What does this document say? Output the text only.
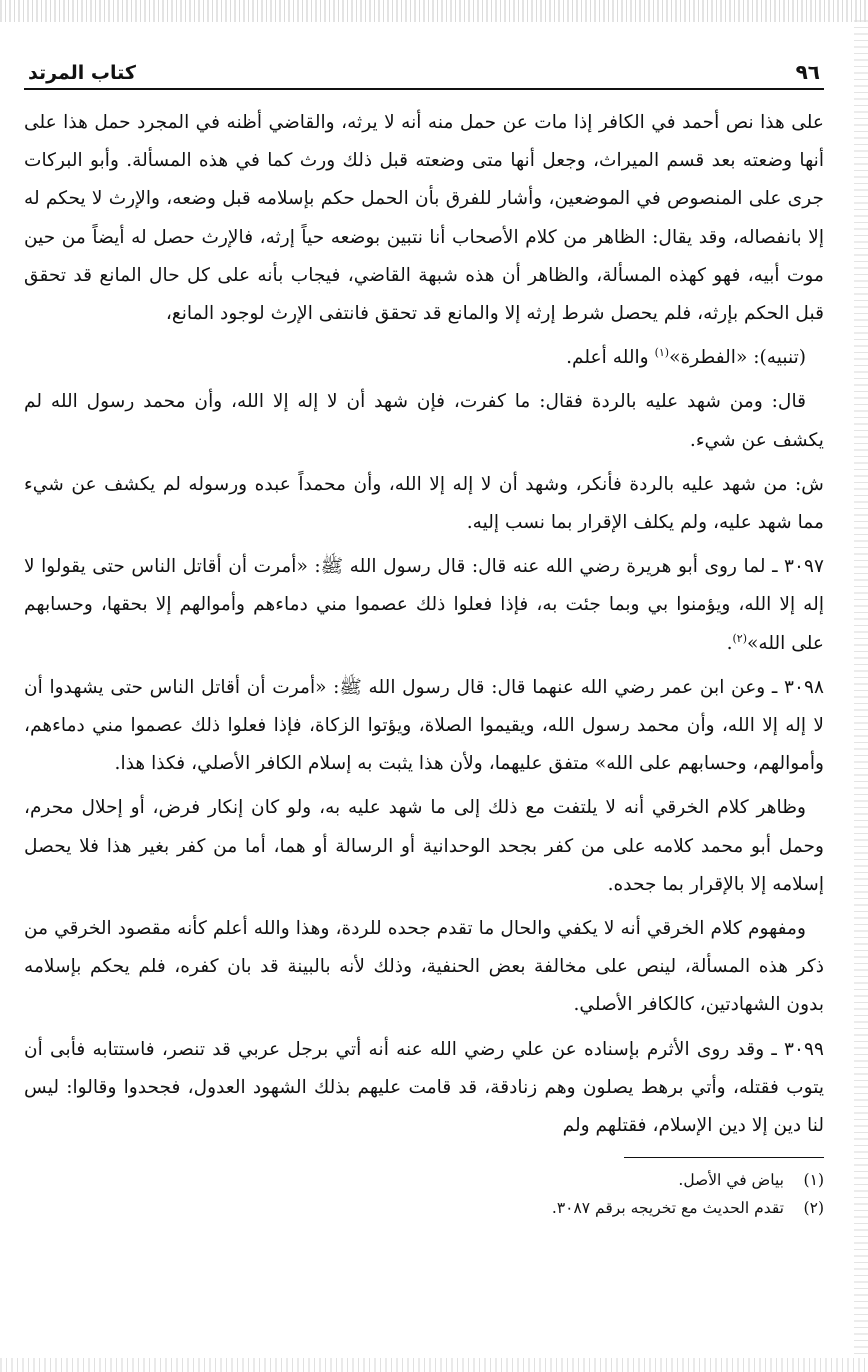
٩٦
كتاب المرتد

على هذا نص أحمد في الكافر إذا مات عن حمل منه أنه لا يرثه، والقاضي أظنه في المجرد حمل هذا على أنها وضعته بعد قسم الميراث، وجعل أنها متى وضعته قبل ذلك ورث كما في هذه المسألة. وأبو البركات جرى على المنصوص في الموضعين، وأشار للفرق بأن الحمل حكم بإسلامه قبل وضعه، والإرث لا يحكم له إلا بانفصاله، وقد يقال: الظاهر من كلام الأصحاب أنا نتبين بوضعه حياً إرثه، فالإرث حصل له أيضاً من حين موت أبيه، فهو كهذه المسألة، والظاهر أن هذه شبهة القاضي، فيجاب بأنه على كل حال المانع قد تحقق قبل الحكم بإرثه، فلم يحصل شرط إرثه إلا والمانع قد تحقق فانتفى الإرث لوجود المانع،

(تنبيه): «الفطرة»$^{(١)}$ والله أعلم.

قال: ومن شهد عليه بالردة فقال: ما كفرت، فإن شهد أن لا إله إلا الله، وأن محمد رسول الله لم يكشف عن شيء.

ش: من شهد عليه بالردة فأنكر، وشهد أن لا إله إلا الله، وأن محمداً عبده ورسوله لم يكشف عن شيء مما شهد عليه، ولم يكلف الإقرار بما نسب إليه.

٣٠٩٧ ـ لما روى أبو هريرة رضي الله عنه قال: قال رسول الله ﷺ: «أمرت أن أقاتل الناس حتى يقولوا لا إله إلا الله، ويؤمنوا بي وبما جئت به، فإذا فعلوا ذلك عصموا مني دماءهم وأموالهم إلا بحقها، وحسابهم على الله»$^{(٢)}$.

٣٠٩٨ ـ وعن ابن عمر رضي الله عنهما قال: قال رسول الله ﷺ: «أمرت أن أقاتل الناس حتى يشهدوا أن لا إله إلا الله، وأن محمد رسول الله، ويقيموا الصلاة، ويؤتوا الزكاة، فإذا فعلوا ذلك عصموا مني دماءهم، وأموالهم، وحسابهم على الله» متفق عليهما، ولأن هذا يثبت به إسلام الكافر الأصلي، فكذا هذا.

وظاهر كلام الخرقي أنه لا يلتفت مع ذلك إلى ما شهد عليه به، ولو كان إنكار فرض، أو إحلال محرم، وحمل أبو محمد كلامه على من كفر بجحد الوحدانية أو الرسالة أو هما، أما من كفر بغير هذا فلا يحصل إسلامه إلا بالإقرار بما جحده.

ومفهوم كلام الخرقي أنه لا يكفي والحال ما تقدم جحده للردة، وهذا والله أعلم كأنه مقصود الخرقي من ذكر هذه المسألة، لينص على مخالفة بعض الحنفية، وذلك لأنه بالبينة قد بان كفره، فلم يحكم بإسلامه بدون الشهادتين، كالكافر الأصلي.

٣٠٩٩ ـ وقد روى الأثرم بإسناده عن علي رضي الله عنه أنه أتي برجل عربي قد تنصر، فاستتابه فأبى أن يتوب فقتله، وأتي برهط يصلون وهم زنادقة، قد قامت عليهم بذلك الشهود العدول، فجحدوا وقالوا: ليس لنا دين إلا دين الإسلام، فقتلهم ولم

(١)
بياض في الأصل.
(٢)
تقدم الحديث مع تخريجه برقم ٣٠٨٧.
